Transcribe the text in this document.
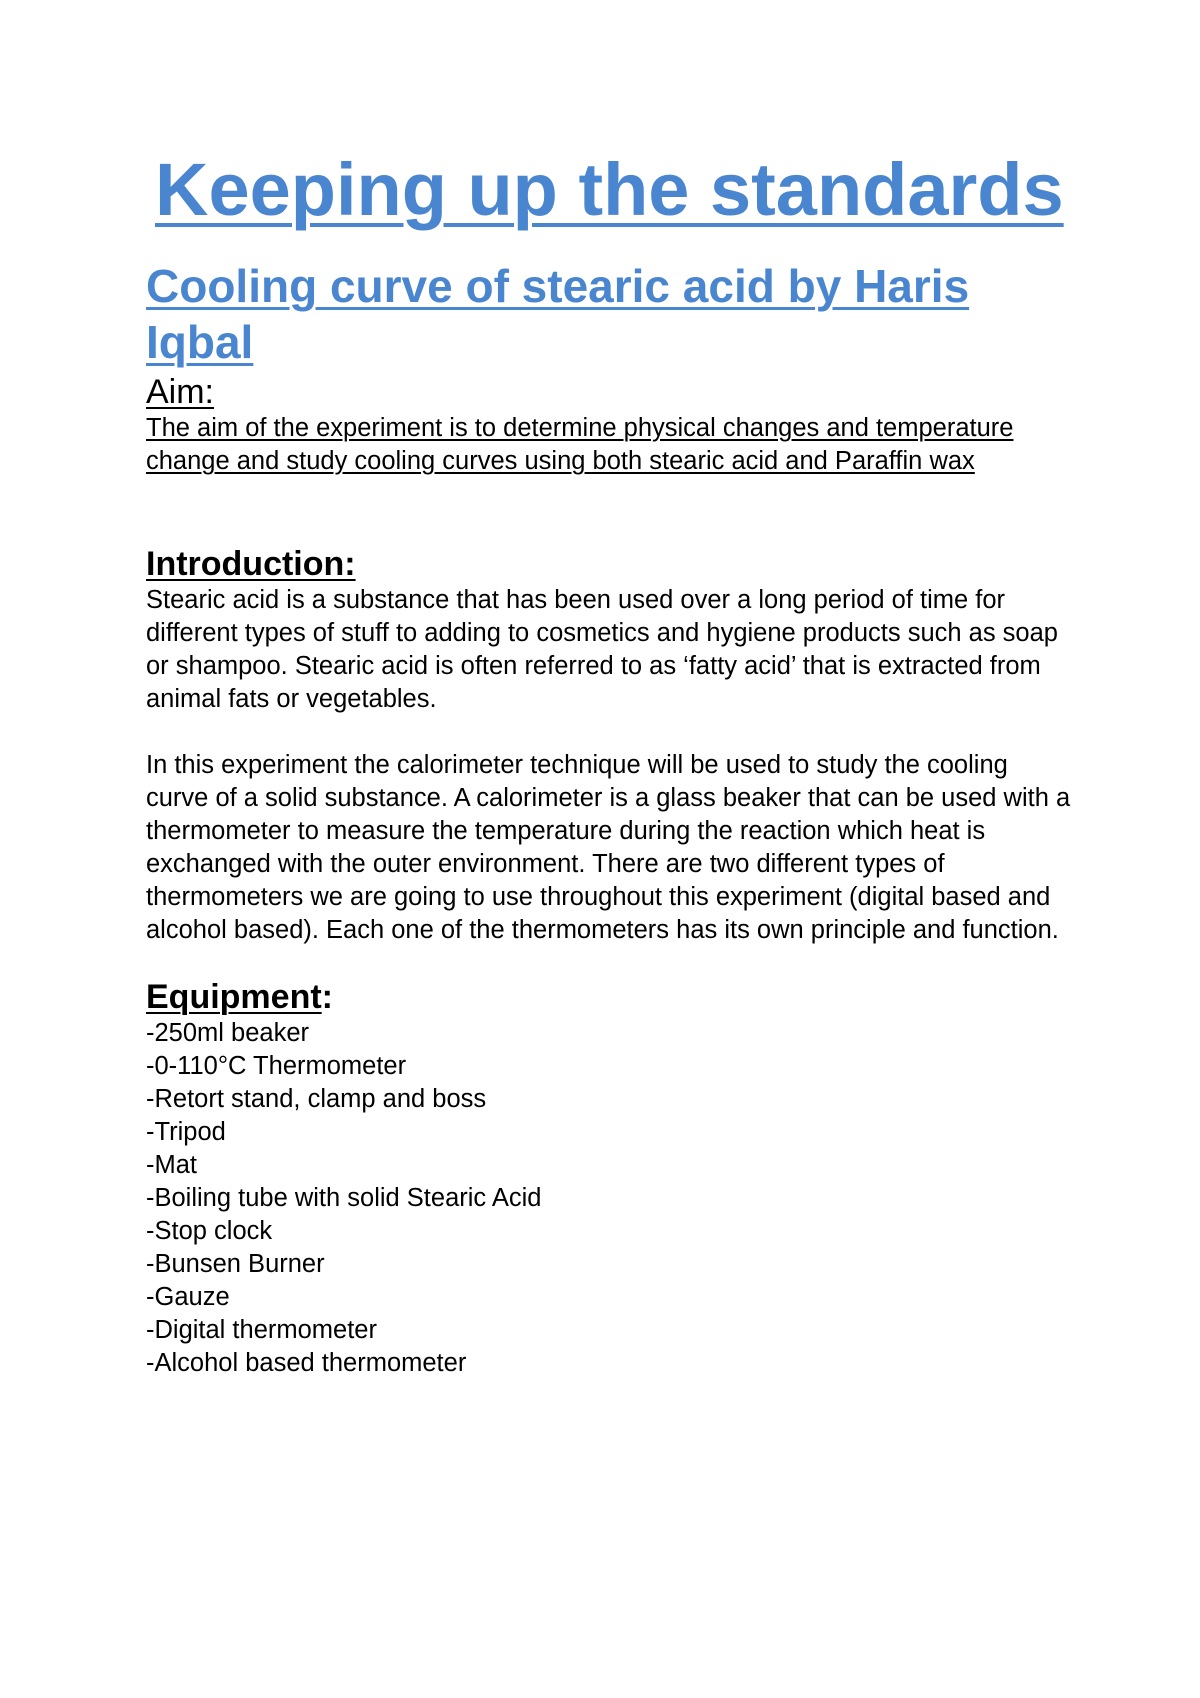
Keeping up the standards
Cooling curve of stearic acid by Haris Iqbal
Aim:

The aim of the experiment is to determine physical changes and temperature change and study cooling curves using both stearic acid and Paraffin wax

Introduction:

Stearic acid is a substance that has been used over a long period of time for different types of stuff to adding to cosmetics and hygiene products such as soap or shampoo. Stearic acid is often referred to as ‘fatty acid’ that is extracted from animal fats or vegetables.

In this experiment the calorimeter technique will be used to study the cooling curve of a solid substance. A calorimeter is a glass beaker that can be used with a thermometer to measure the temperature during the reaction which heat is exchanged with the outer environment. There are two different types of thermometers we are going to use throughout this experiment (digital based and alcohol based). Each one of the thermometers has its own principle and function.

Equipment:
-250ml beaker
-0-110°C Thermometer
-Retort stand, clamp and boss
-Tripod
-Mat
-Boiling tube with solid Stearic Acid
-Stop clock
-Bunsen Burner
-Gauze
-Digital thermometer
-Alcohol based thermometer
